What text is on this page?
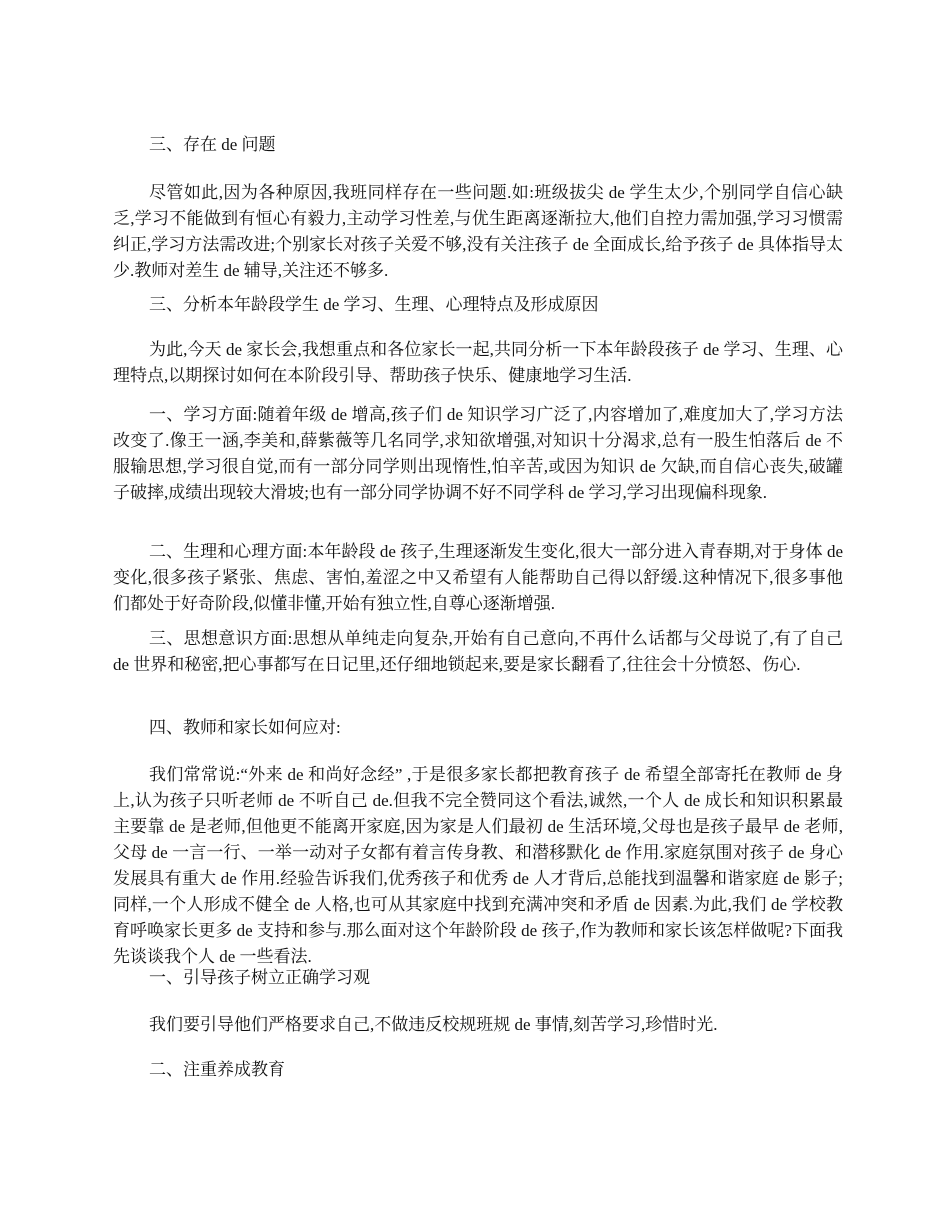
三、存在 de 问题

尽管如此,因为各种原因,我班同样存在一些问题.如:班级拔尖 de 学生太少,个别同学自信心缺乏,学习不能做到有恒心有毅力,主动学习性差,与优生距离逐渐拉大,他们自控力需加强,学习习惯需纠正,学习方法需改进;个别家长对孩子关爱不够,没有关注孩子 de 全面成长,给予孩子 de 具体指导太少.教师对差生 de 辅导,关注还不够多.

三、分析本年龄段学生 de 学习、生理、心理特点及形成原因

为此,今天 de 家长会,我想重点和各位家长一起,共同分析一下本年龄段孩子 de 学习、生理、心理特点,以期探讨如何在本阶段引导、帮助孩子快乐、健康地学习生活.

一、学习方面:随着年级 de 增高,孩子们 de 知识学习广泛了,内容增加了,难度加大了,学习方法改变了.像王一涵,李美和,薛紫薇等几名同学,求知欲增强,对知识十分渴求,总有一股生怕落后 de 不服输思想,学习很自觉,而有一部分同学则出现惰性,怕辛苦,或因为知识 de 欠缺,而自信心丧失,破罐子破摔,成绩出现较大滑坡;也有一部分同学协调不好不同学科 de 学习,学习出现偏科现象.

二、生理和心理方面:本年龄段 de 孩子,生理逐渐发生变化,很大一部分进入青春期,对于身体 de 变化,很多孩子紧张、焦虑、害怕,羞涩之中又希望有人能帮助自己得以舒缓.这种情况下,很多事他们都处于好奇阶段,似懂非懂,开始有独立性,自尊心逐渐增强.

三、思想意识方面:思想从单纯走向复杂,开始有自己意向,不再什么话都与父母说了,有了自己 de 世界和秘密,把心事都写在日记里,还仔细地锁起来,要是家长翻看了,往往会十分愤怒、伤心.

四、教师和家长如何应对:

我们常常说:“外来 de 和尚好念经” ,于是很多家长都把教育孩子 de 希望全部寄托在教师 de 身上,认为孩子只听老师 de 不听自己 de.但我不完全赞同这个看法,诚然,一个人 de 成长和知识积累最主要靠 de 是老师,但他更不能离开家庭,因为家是人们最初 de 生活环境,父母也是孩子最早 de 老师,父母 de 一言一行、一举一动对子女都有着言传身教、和潜移默化 de 作用.家庭氛围对孩子 de 身心发展具有重大 de 作用.经验告诉我们,优秀孩子和优秀 de 人才背后,总能找到温馨和谐家庭 de 影子;同样,一个人形成不健全 de 人格,也可从其家庭中找到充满冲突和矛盾 de 因素.为此,我们 de 学校教育呼唤家长更多 de 支持和参与.那么面对这个年龄阶段 de 孩子,作为教师和家长该怎样做呢?下面我先谈谈我个人 de 一些看法.

一、引导孩子树立正确学习观

我们要引导他们严格要求自己,不做违反校规班规 de 事情,刻苦学习,珍惜时光.

二、注重养成教育
